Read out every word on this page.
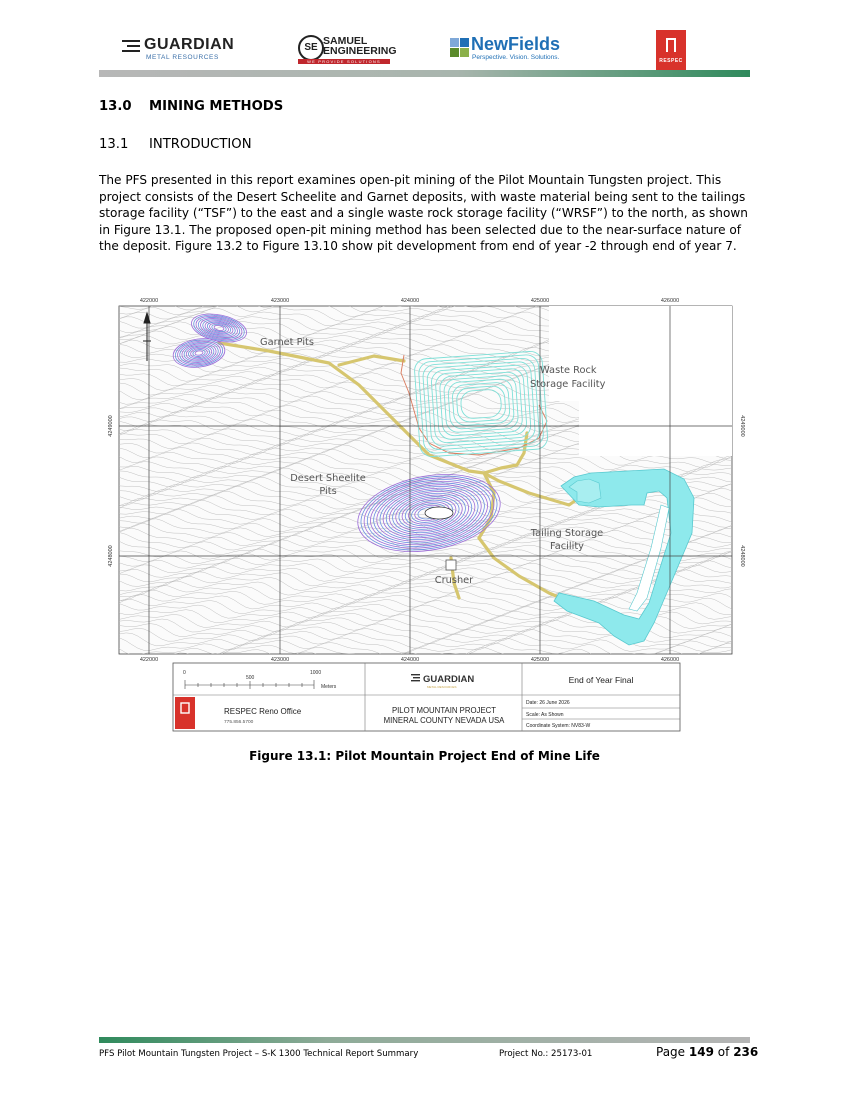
GUARDIAN
METAL RESOURCES
SE
SAMUEL
ENGINEERING
WE PROVIDE SOLUTIONS
NewFields
Perspective. Vision. Solutions.	RESPEC
13.0 MINING METHODS
13.1 INTRODUCTION

The PFS presented in this report examines open-pit mining of the Pilot Mountain Tungsten project. This project consists of the Desert Scheelite and Garnet deposits, with waste material being sent to the tailings storage facility (“TSF”) to the east and a single waste rock storage facility (“WRSF”) to the north, as shown in Figure 13.1. The proposed open-pit mining method has been selected due to the near-surface nature of the deposit. Figure 13.2 to Figure 13.10 show pit development from end of year -2 through end of year 7.

422000	423000	424000	425000	426000
422000	423000	424000	425000	426000
4249000
4248000
4249000
4248000
Garnet Pits
Waste Rock
Storage Facility
Desert Sheelite
Pits
Tailing Storage
Facility
Crusher
0
500
1000
Meters
GUARDIAN
METAL RESOURCES
End of Year Final
RESPEC Reno Office
775.856.5700
PILOT MOUNTAIN PROJECT
MINERAL COUNTY NEVADA USA
Date: 26 June 2026
Scale: As Shown
Coordinate System: NV83-W
Figure 13.1: Pilot Mountain Project End of Mine Life
PFS Pilot Mountain Tungsten Project – S-K 1300 Technical Report Summary	Project No.: 25173-01	Page 149 of 236
